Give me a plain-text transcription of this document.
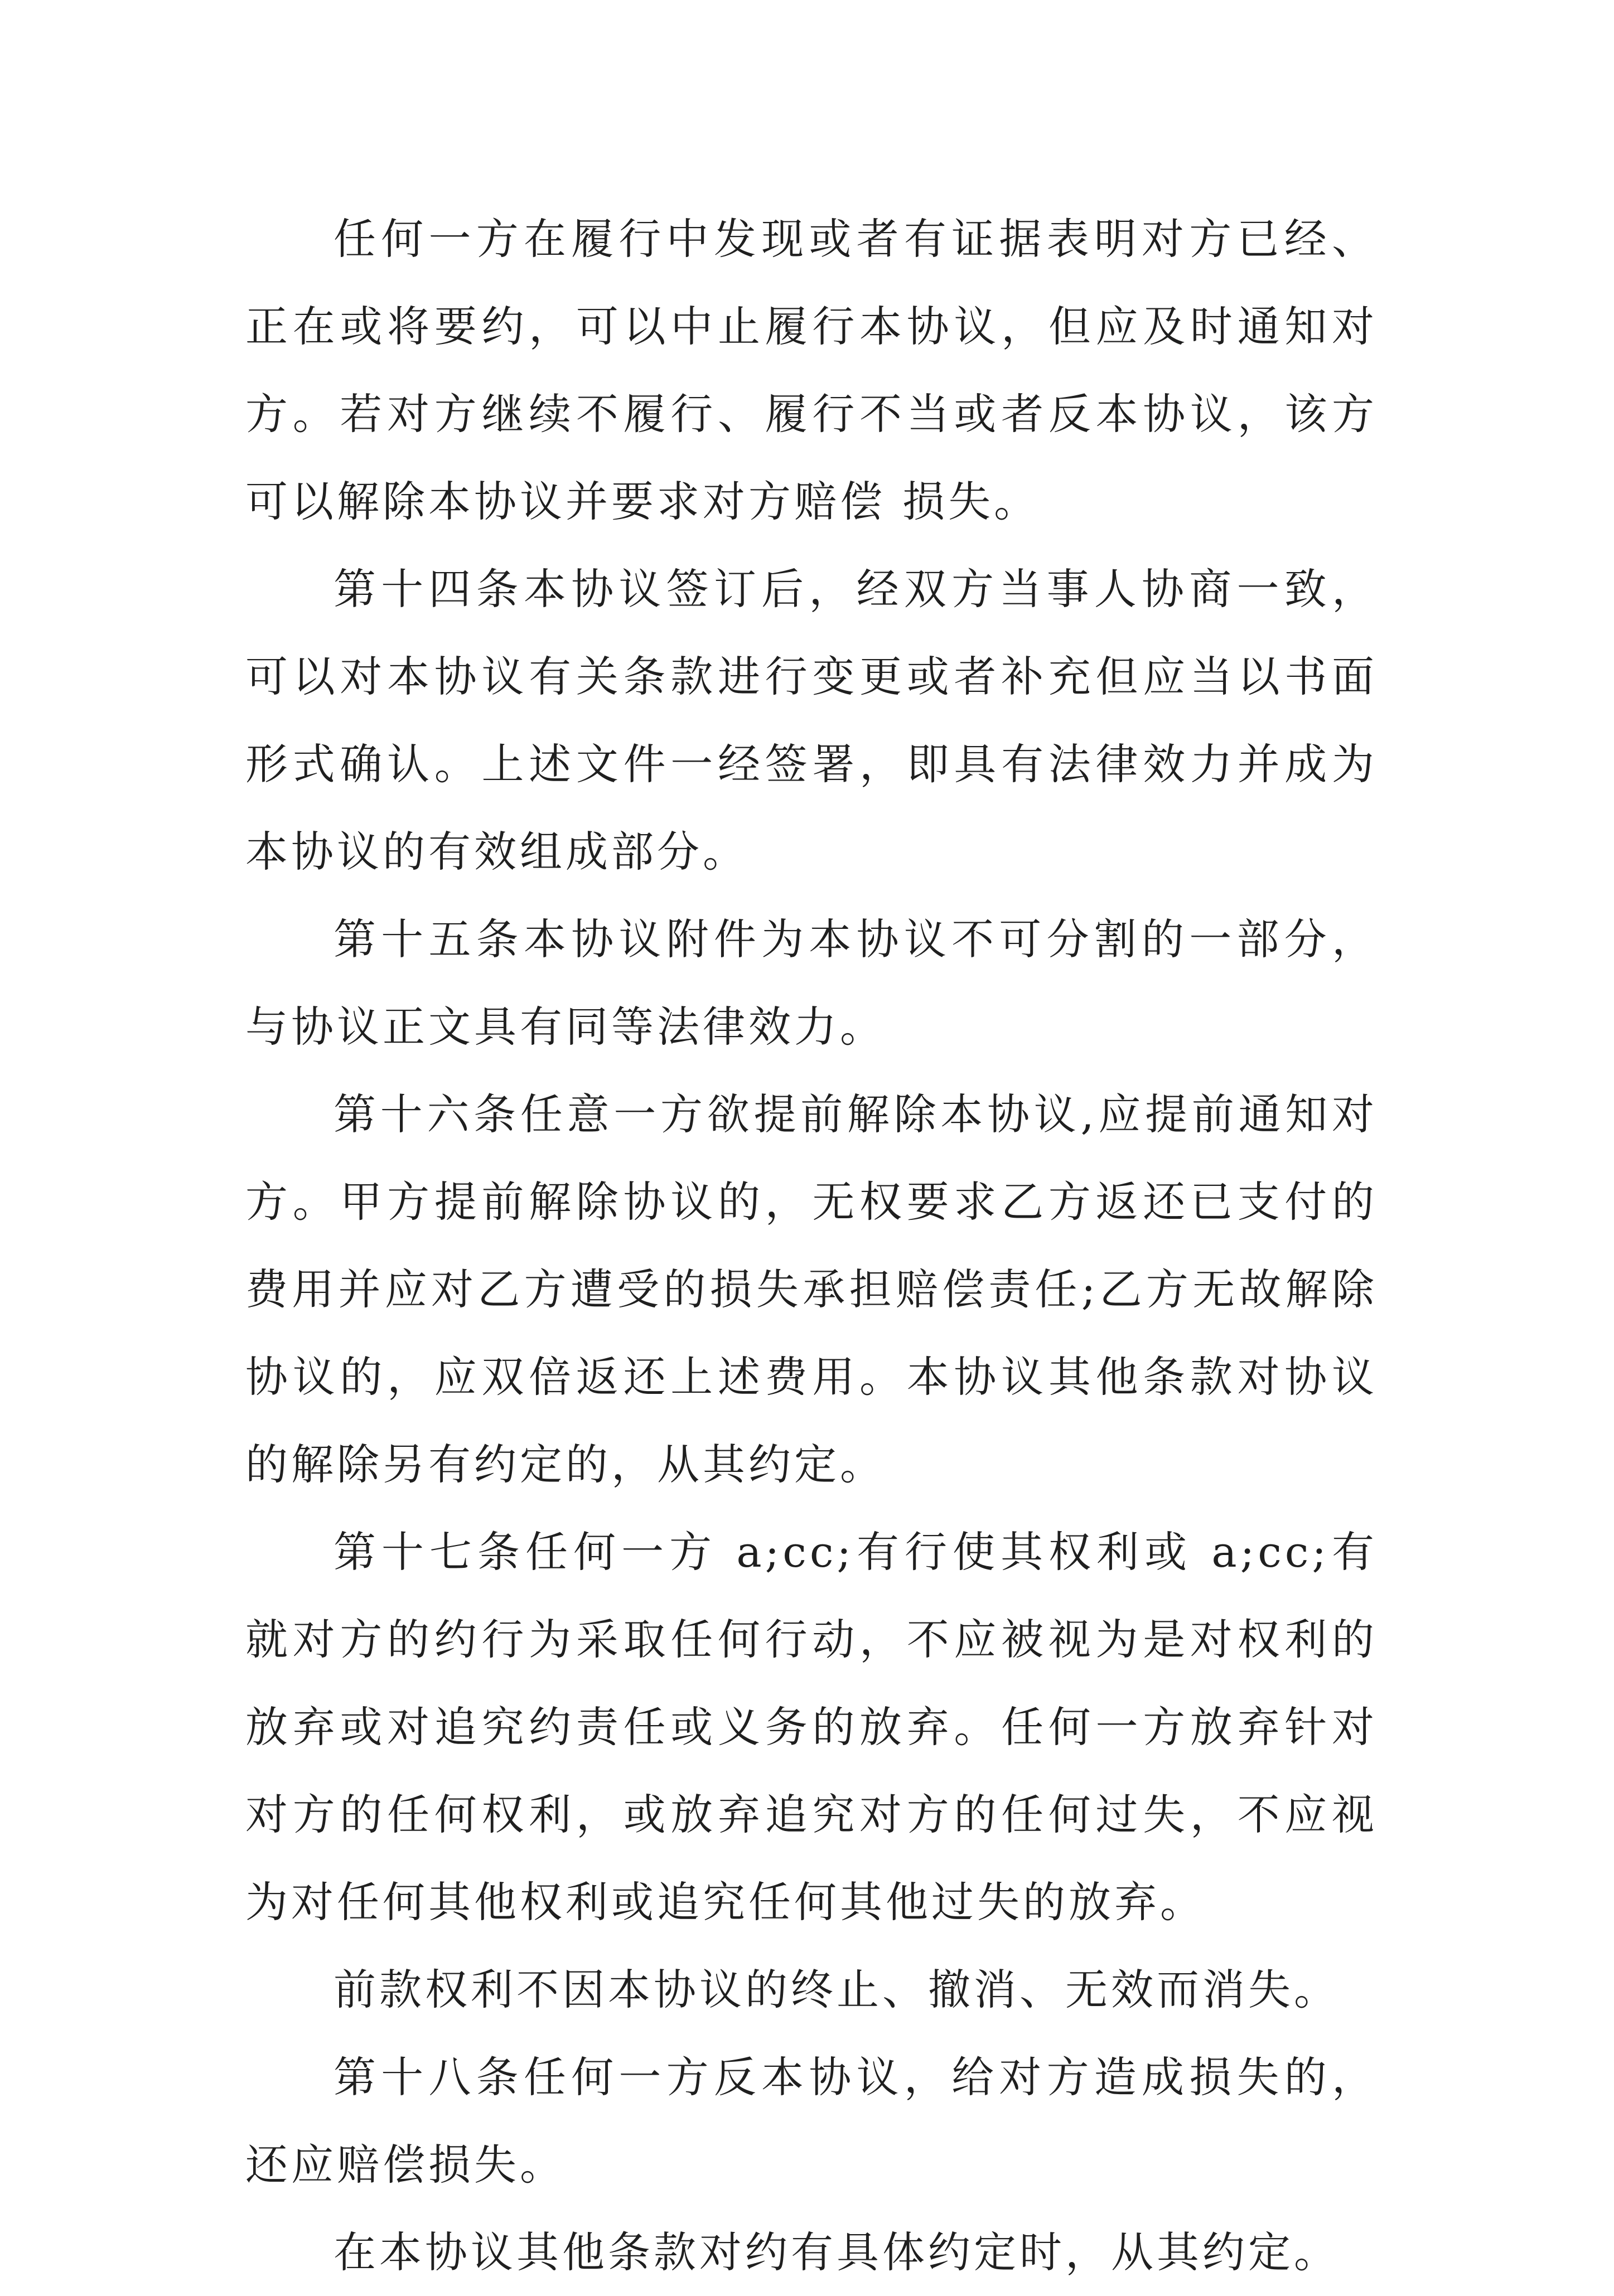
任何一方在履行中发现或者有证据表明对方已经、正在或将要约，可以中止履行本协议，但应及时通知对方。若对方继续不履行、履行不当或者反本协议，该方可以解除本协议并要求对方赔偿 损失。

第十四条本协议签订后，经双方当事人协商一致，可以对本协议有关条款进行变更或者补充但应当以书面形式确认。上述文件一经签署，即具有法律效力并成为本协议的有效组成部分。

第十五条本协议附件为本协议不可分割的一部分，与协议正文具有同等法律效力。

第十六条任意一方欲提前解除本协议,应提前通知对方。甲方提前解除协议的，无权要求乙方返还已支付的费用并应对乙方遭受的损失承担赔偿责任;乙方无故解除协议的，应双倍返还上述费用。本协议其他条款对协议的解除另有约定的，从其约定。

第十七条任何一方 a;cc;有行使其权利或 a;cc;有就对方的约行为采取任何行动，不应被视为是对权利的放弃或对追究约责任或义务的放弃。任何一方放弃针对对方的任何权利，或放弃追究对方的任何过失，不应视为对任何其他权利或追究任何其他过失的放弃。

前款权利不因本协议的终止、撤消、无效而消失。

第十八条任何一方反本协议，给对方造成损失的，还应赔偿损失。

在本协议其他条款对约有具体约定时，从其约定。
